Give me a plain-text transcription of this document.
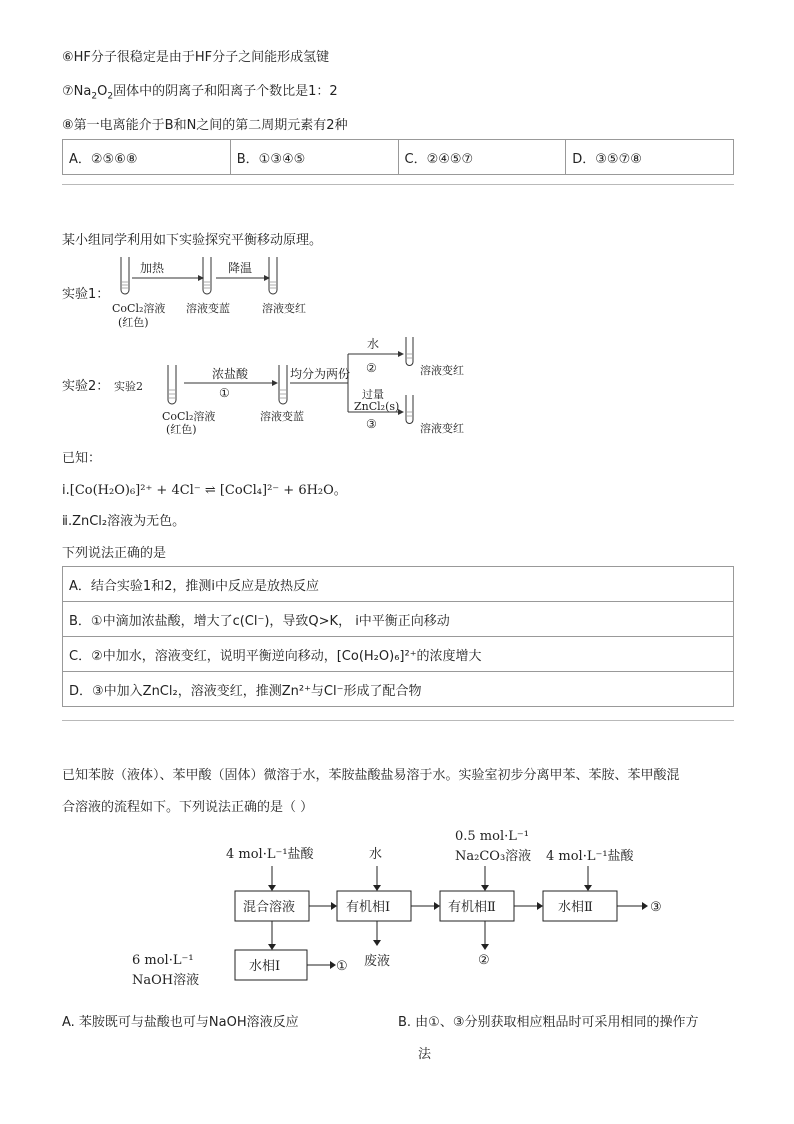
⑥HF分子很稳定是由于HF分子之间能形成氢键
$⑦Na_2O_2$固体中的阴离子和阳离子个数比是1：2
⑧第一电离能介于B和N之间的第二周期元素有2种
A．②⑤⑥⑧	B．①③④⑤	C．②④⑤⑦	D．③⑤⑦⑧
某小组同学利用如下实验探究平衡移动原理。
实验1：
实验2：
加热	降温
CoCl₂溶液
(红色)
溶液变蓝	溶液变红
实验2
CoCl₂溶液
(红色)
浓盐酸
①
溶液变蓝
均分为两份
水
②
过量
ZnCl₂(s)
③
溶液变红
溶液变红
已知：
ⅰ.[Co(H₂O)₆]²⁺ + 4Cl⁻ ⇌ [CoCl₄]²⁻ + 6H₂O。
ⅱ.ZnCl₂溶液为无色。
下列说法正确的是
A．结合实验1和2，推测ⅰ中反应是放热反应
B．①中滴加浓盐酸，增大了c(Cl⁻)，导致Q>K， ⅰ中平衡正向移动
C．②中加水，溶液变红，说明平衡逆向移动，[Co(H₂O)₆]²⁺的浓度增大
D．③中加入ZnCl₂，溶液变红，推测Zn²⁺与Cl⁻形成了配合物
已知苯胺（液体）、苯甲酸（固体）微溶于水，苯胺盐酸盐易溶于水。实验室初步分离甲苯、苯胺、苯甲酸混
合溶液的流程如下。下列说法正确的是（ ）
4 mol·L⁻¹盐酸	水
0.5 mol·L⁻¹
Na₂CO₃溶液 4 mol·L⁻¹盐酸
混合溶液	有机相Ⅰ	有机相Ⅱ	水相Ⅱ	③
②
水相Ⅰ	① 废液
6 mol·L⁻¹
NaOH溶液
A. 苯胺既可与盐酸也可与NaOH溶液反应	B. 由①、③分别获取相应粗品时可采用相同的操作方
法
